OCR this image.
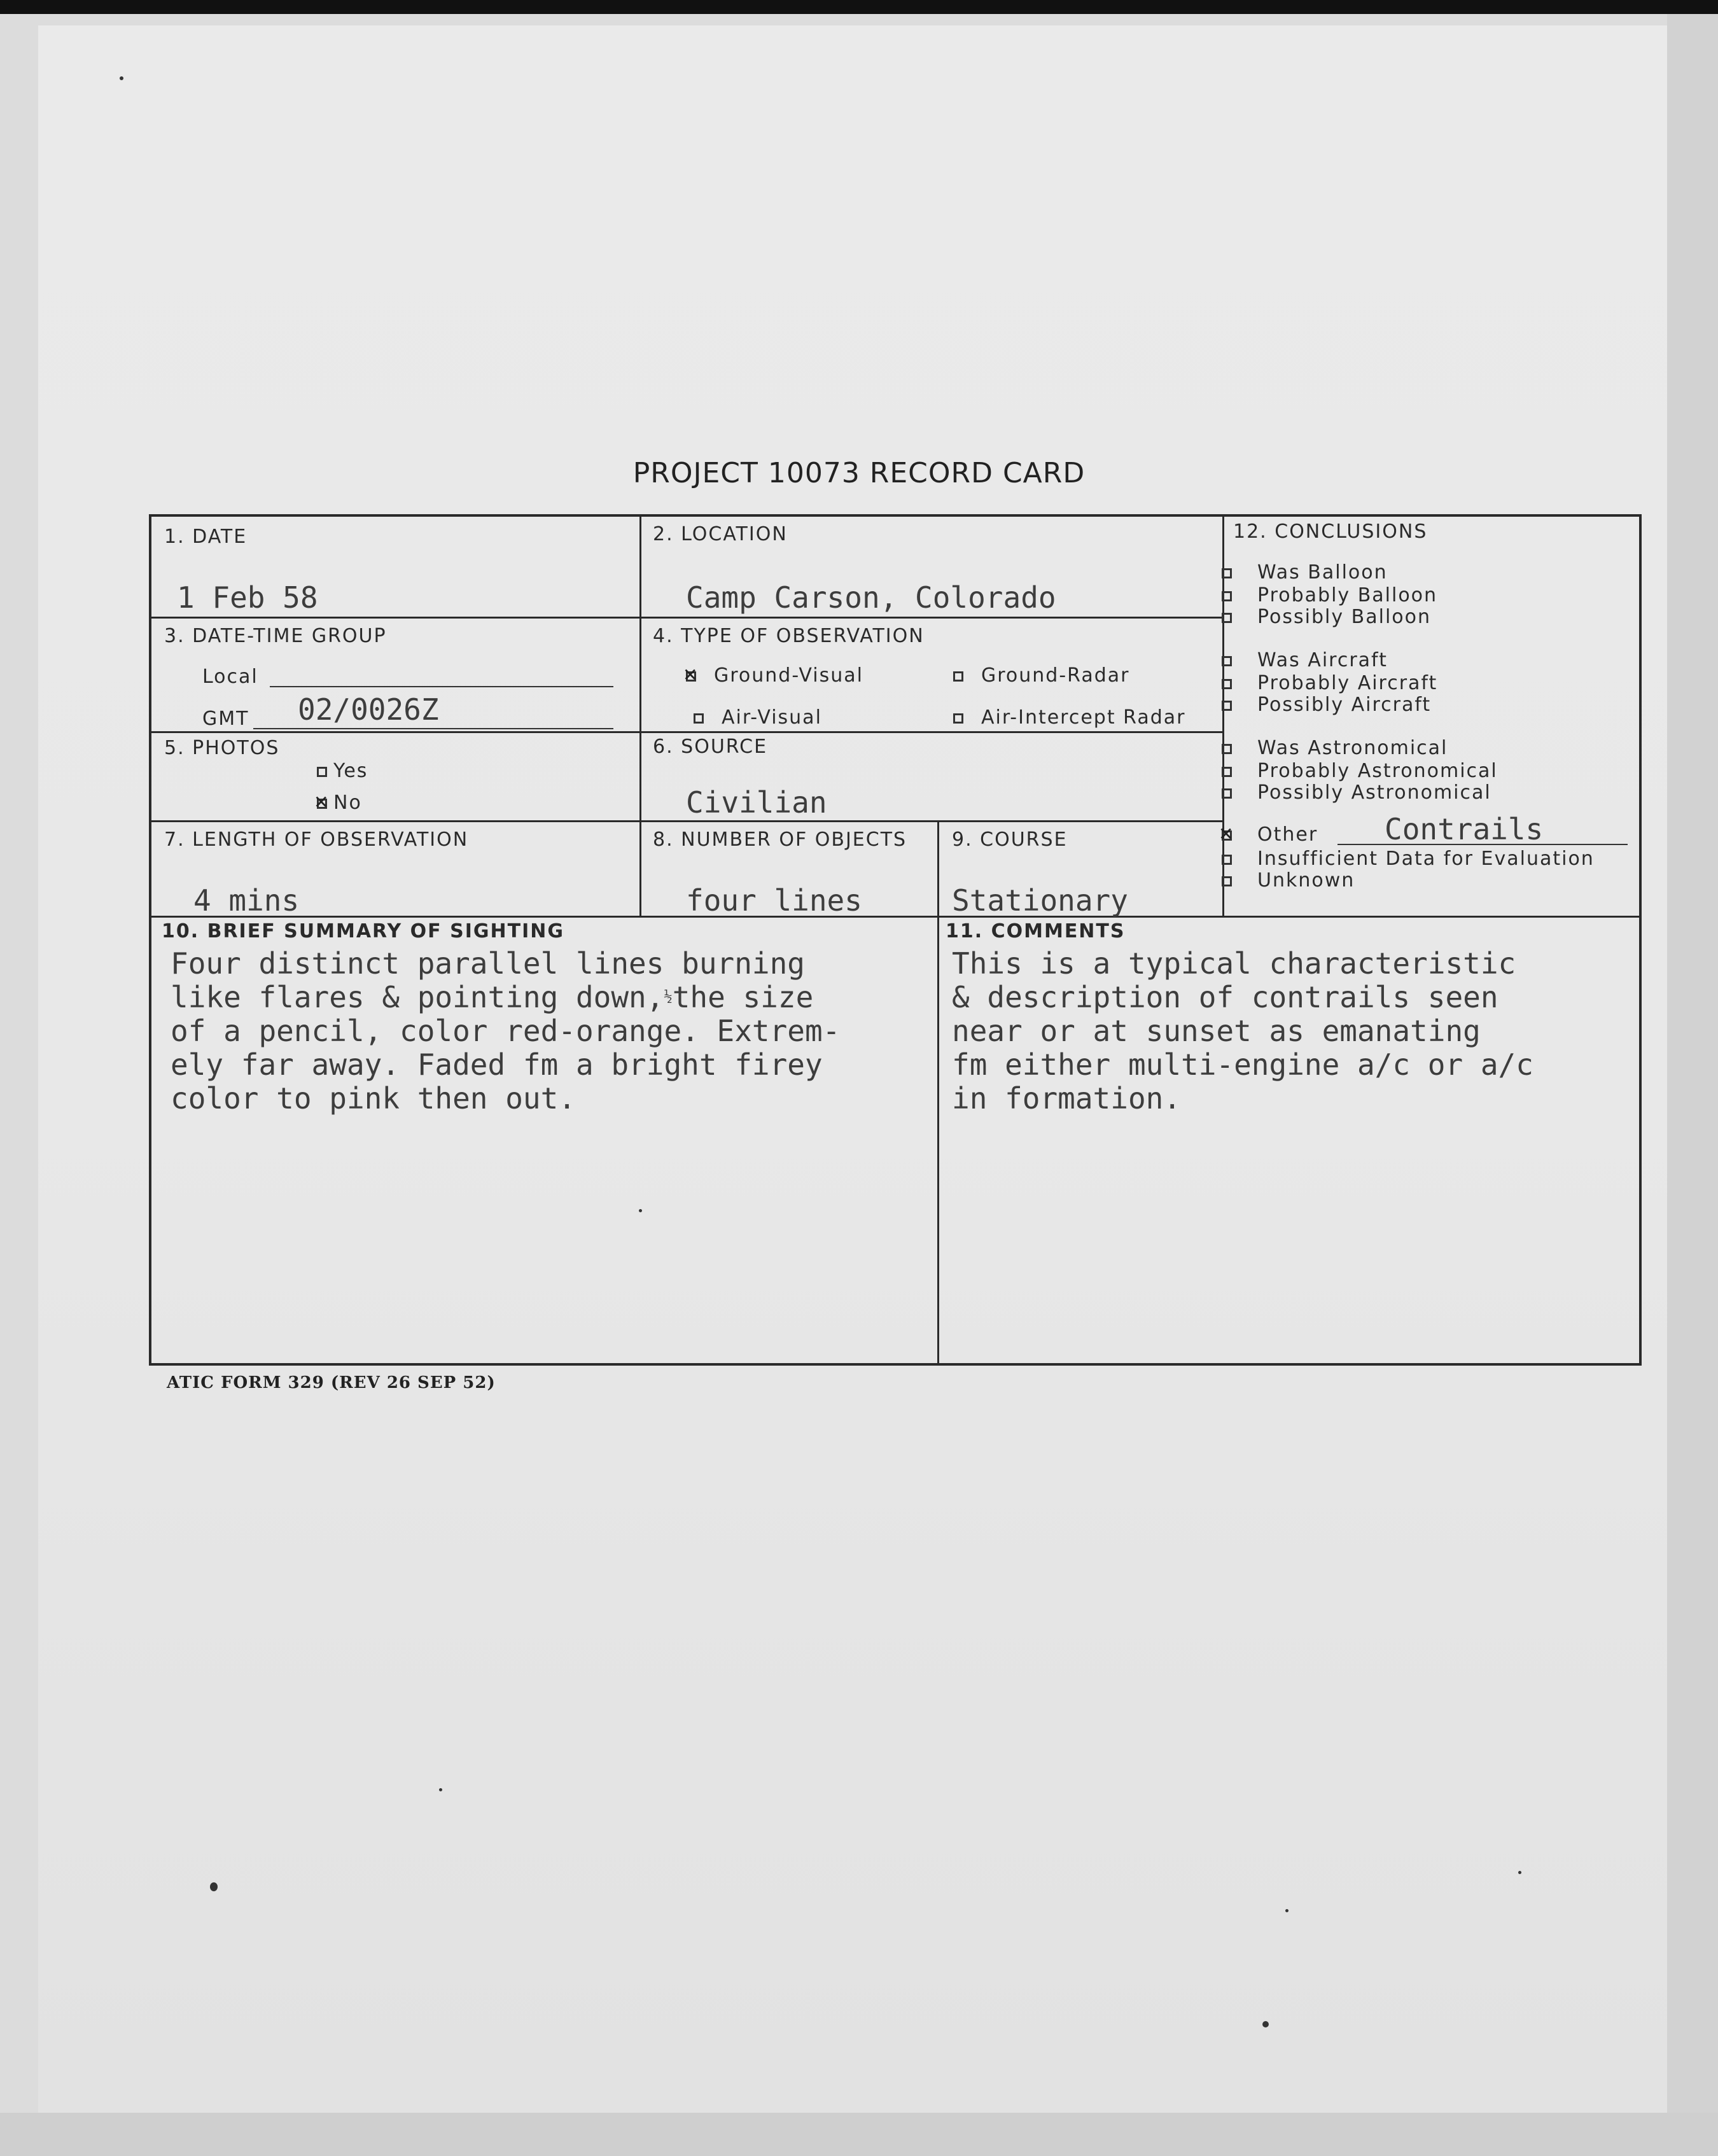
PROJECT 10073 RECORD CARD
1. DATE
1 Feb 58
2. LOCATION
Camp Carson, Colorado
3. DATE-TIME GROUP
Local
GMT 02/0026Z
4. TYPE OF OBSERVATION
✕Ground-Visual	Ground-Radar
Air-Visual	Air-Intercept Radar
5. PHOTOS
Yes
✕No
6. SOURCE
Civilian
7. LENGTH OF OBSERVATION
4 mins
8. NUMBER OF OBJECTS
four lines
9. COURSE
Stationary
12. CONCLUSIONS
10. BRIEF SUMMARY OF SIGHTING
Four distinct parallel lines burning
like flares & pointing down,$^{\frac{1}{2}}$the size
of a pencil, color red-orange. Extrem-
ely far away. Faded fm a bright firey
color to pink then out.
11. COMMENTS
This is a typical characteristic
& description of contrails seen
near or at sunset as emanating
fm either multi-engine a/c or a/c
in formation.
Was Balloon
Probably Balloon
Possibly Balloon
Was Aircraft
Probably Aircraft
Possibly Aircraft
Was Astronomical
Probably Astronomical
Possibly Astronomical
✕Other Contrails
Insufficient Data for Evaluation
Unknown
ATIC FORM 329 (REV 26 SEP 52)
